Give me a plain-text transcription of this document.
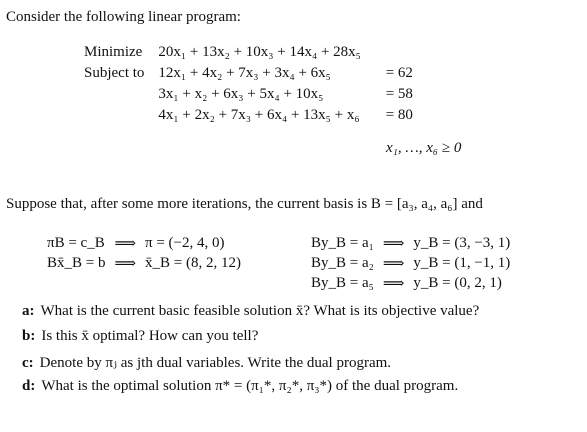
Consider the following linear program:
Minimize	20x₁ + 13x₂ + 10x₃ + 14x₄ + 28x₅	
Subject to	12x₁ + 4x₂ + 7x₃ + 3x₄ + 6x₅	= 62
	3x₁ + x₂ + 6x₃ + 5x₄ + 10x₅	= 58
	4x₁ + 2x₂ + 7x₃ + 6x₄ + 13x₅ + x₆	= 80
x₁, …, x₆ ≥ 0
Suppose that, after some more iterations, the current basis is B = [a₃, a₄, a₆] and
πB = c_B	⟹	π = (−2, 4, 0)
Bx̄_B = b	⟹	x̄_B = (8, 2, 12)
By_B = a₁	⟹	y_B = (3, −3, 1)
By_B = a₂	⟹	y_B = (1, −1, 1)
By_B = a₅	⟹	y_B = (0, 2, 1)
a: What is the current basic feasible solution x̄? What is its objective value?
b: Is this x̄ optimal? How can you tell?
c: Denote by πⱼ as jth dual variables. Write the dual program.
d: What is the optimal solution π* = (π₁*, π₂*, π₃*) of the dual program.
